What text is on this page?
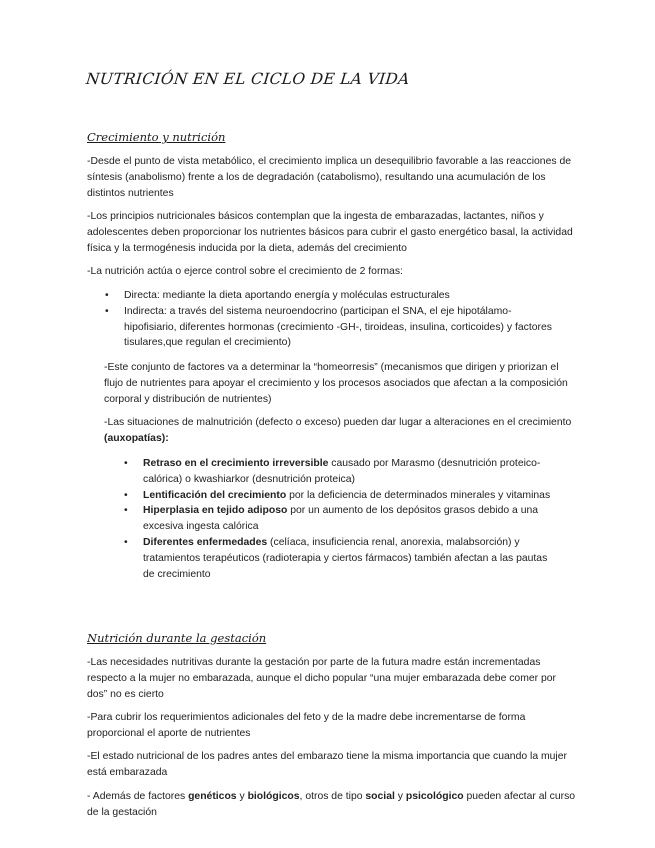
NUTRICIÓN EN EL CICLO DE LA VIDA
Crecimiento y nutrición

-Desde el punto de vista metabólico, el crecimiento implica un desequilibrio favorable a las reacciones de síntesis (anabolismo) frente a los de degradación (catabolismo), resultando una acumulación de los distintos nutrientes

-Los principios nutricionales básicos contemplan que la ingesta de embarazadas, lactantes, niños y adolescentes deben proporcionar los nutrientes básicos para cubrir el gasto energético basal, la actividad física y la termogénesis inducida por la dieta, además del crecimiento

-La nutrición actúa o ejerce control sobre el crecimiento de 2 formas:

• Directa: mediante la dieta aportando energía y moléculas estructurales
• Indirecta: a través del sistema neuroendocrino (participan el SNA, el eje hipotálamo-hipofisiario, diferentes hormonas (crecimiento -GH-, tiroideas, insulina, corticoides) y factores tisulares,que regulan el crecimiento)

-Este conjunto de factores va a determinar la “homeorresis” (mecanismos que dirigen y priorizan el flujo de nutrientes para apoyar el crecimiento y los procesos asociados que afectan a la composición corporal y distribución de nutrientes)

-Las situaciones de malnutrición (defecto o exceso) pueden dar lugar a alteraciones en el crecimiento (auxopatías):

• Retraso en el crecimiento irreversible causado por Marasmo (desnutrición proteico-calórica) o kwashiarkor (desnutrición proteica)
• Lentificación del crecimiento por la deficiencia de determinados minerales y vitaminas
• Hiperplasia en tejido adiposo por un aumento de los depósitos grasos debido a una excesiva ingesta calórica
• Diferentes enfermedades (celíaca, insuficiencia renal, anorexia, malabsorción) y tratamientos terapéuticos (radioterapia y ciertos fármacos) también afectan a las pautas de crecimiento
Nutrición durante la gestación

-Las necesidades nutritivas durante la gestación por parte de la futura madre están incrementadas respecto a la mujer no embarazada, aunque el dicho popular “una mujer embarazada debe comer por dos” no es cierto

-Para cubrir los requerimientos adicionales del feto y de la madre debe incrementarse de forma proporcional el aporte de nutrientes

-El estado nutricional de los padres antes del embarazo tiene la misma importancia que cuando la mujer está embarazada

- Además de factores genéticos y biológicos, otros de tipo social y psicológico pueden afectar al curso de la gestación
